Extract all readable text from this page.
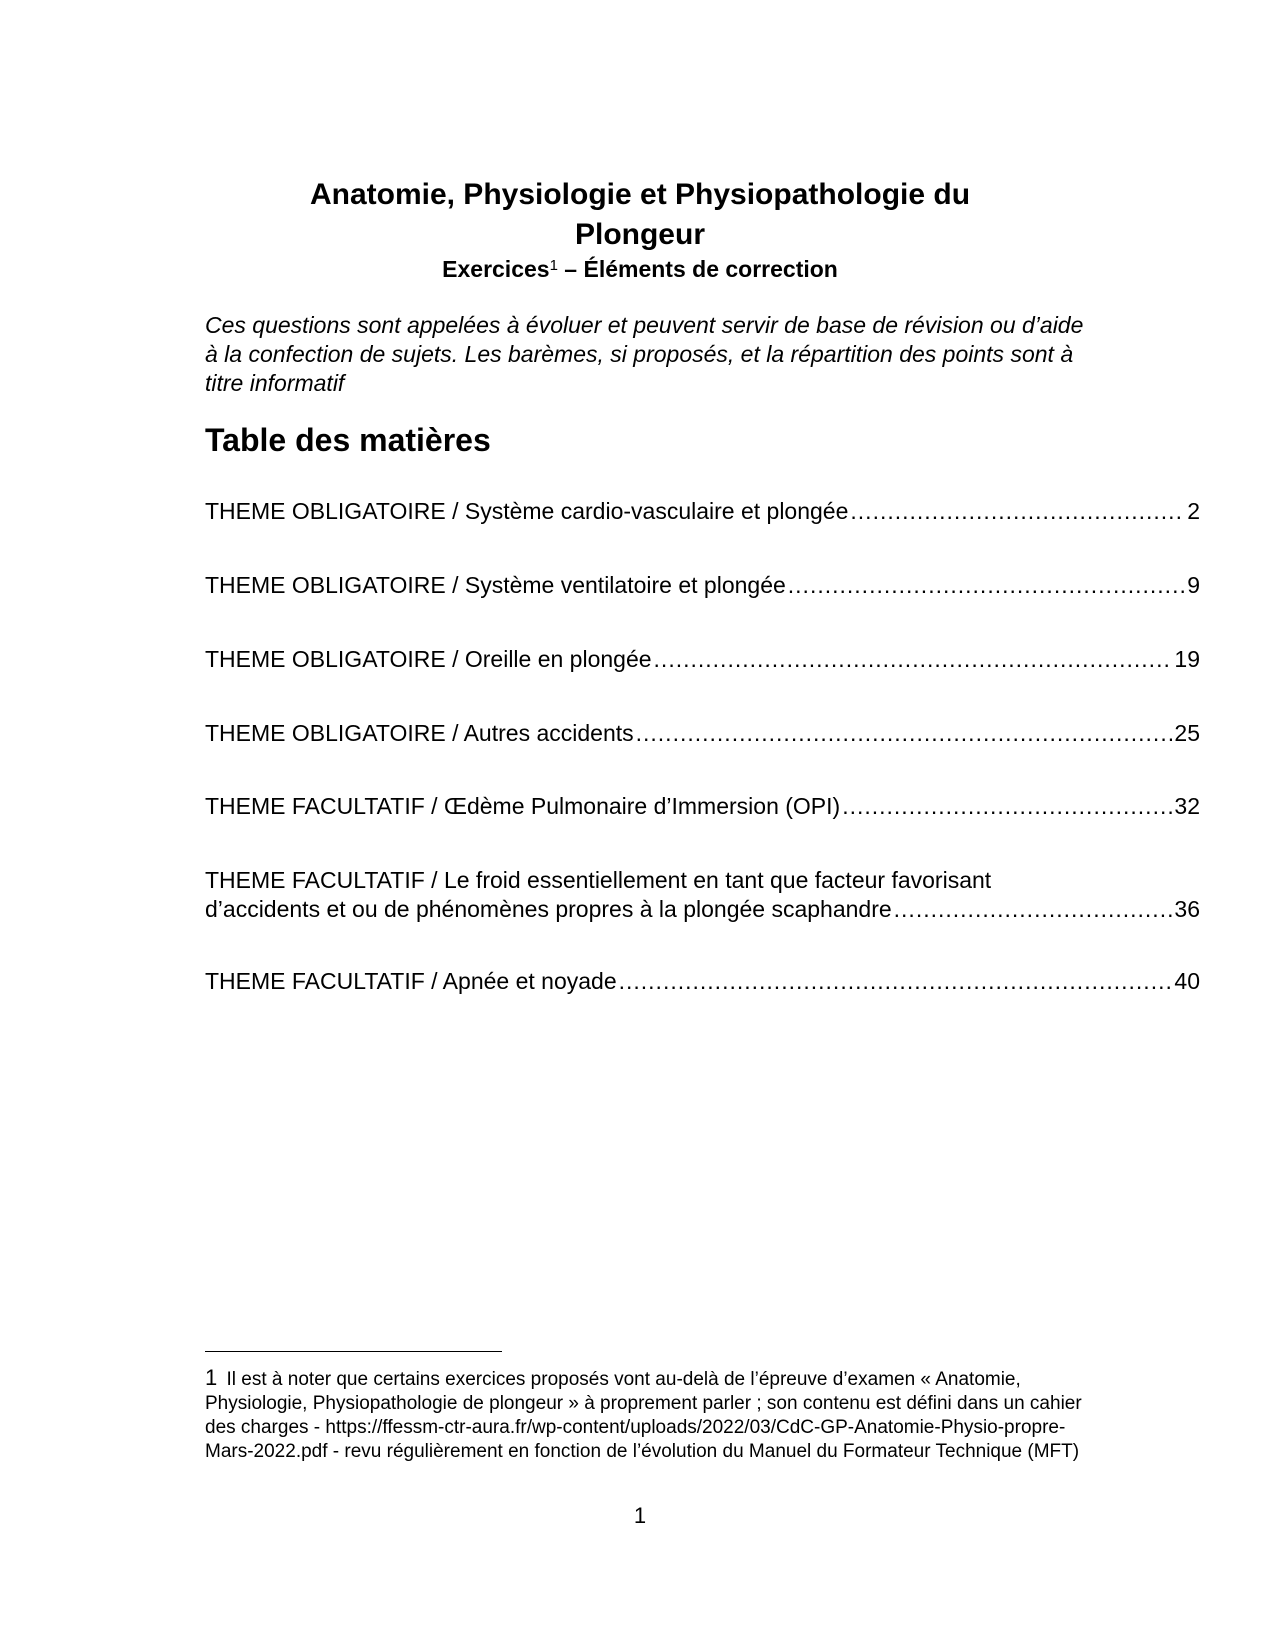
Anatomie, Physiologie et Physiopathologie du
Plongeur
Exercices$^1$ – Éléments de correction
Ces questions sont appelées à évoluer et peuvent servir de base de révision ou d’aide à la confection de sujets. Les barèmes, si proposés, et la répartition des points sont à titre informatif
Table des matières
THEME OBLIGATOIRE / Système cardio-vasculaire et plongée .....	2
THEME OBLIGATOIRE / Système ventilatoire et plongée .....	9
THEME OBLIGATOIRE / Oreille en plongée .....	19
THEME OBLIGATOIRE / Autres accidents .....	25
THEME FACULTATIF / Œdème Pulmonaire d’Immersion (OPI) .....	32
THEME FACULTATIF / Le froid essentiellement en tant que facteur favorisant
d’accidents et ou de phénomènes propres à la plongée scaphandre .....	36
THEME FACULTATIF / Apnée et noyade .....	40
1 Il est à noter que certains exercices proposés vont au-delà de l’épreuve d’examen « Anatomie, Physiologie, Physiopathologie de plongeur » à proprement parler ; son contenu est défini dans un cahier des charges - https://ffessm-ctr-aura.fr/wp-content/uploads/2022/03/CdC-GP-Anatomie-Physio-propre-Mars-2022.pdf - revu régulièrement en fonction de l’évolution du Manuel du Formateur Technique (MFT)
1
